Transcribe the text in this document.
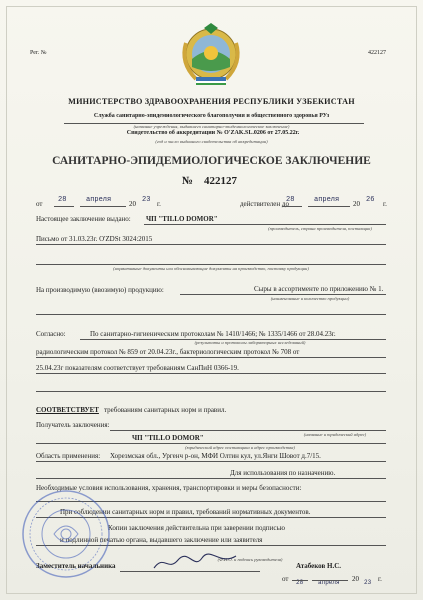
Рег. №	422127
МИНИСТЕРСТВО ЗДРАВООХРАНЕНИЯ РЕСПУБЛИКИ УЗБЕКИСТАН
Служба санитарно-эпидемиологического благополучия и общественного здоровья РУз
(название учреждения, выдавшего санитарно-эпидемиологическое заключение)
Свидетельство об аккредитации № O'ZAK.SL.0206 от 27.05.22г.
(год и число выданного свидетельства об аккредитации)
САНИТАРНО-ЭПИДЕМИОЛОГИЧЕСКОЕ ЗАКЛЮЧЕНИЕ
№ 422127
от 28	апреля	20 23 г.	действителен до
28	апреля 20 26 г.
Настоящее заключение выдано: ЧП "TILLO DOMOR"
(производитель, страна производителя, поставщик)
Письмо от 31.03.23г. O'ZDSt 3024:2015
(нормативные документы или обосновывающие документы на производство, поставку продукции)
На производимую (ввозимую) продукцию:	Сыры в ассортименте по приложению № 1.
(наименование и количество продукции)
Согласно:	По санитарно-гигиеническим протоколам № 1410/1466; № 1335/1466 от 28.04.23г.
(результаты и протоколы лабораторных исследований)
радиологическим протокол № 859 от 20.04.23г., бактериологическим протокол № 708 от
25.04.23г показателям соответствует требованиям СанПиН 0366-19.
СООТВЕТСТВУЕТ требованиям санитарных норм и правил.
Получатель заключения:
(название и юридический адрес)
ЧП "TILLO DOMOR"
(юридический адрес поставщика и адрес производства)
Область применения: Хорезмская обл., Ургенч р-он, МФИ Олтин кул, ул.Янги Шовот д.7/15.
Для использования по назначению.
Необходимые условия использования, хранения, транспортировки и меры безопасности:
При соблюдении санитарных норм и правил, требований нормативных документов.
Копии заключения действительна при заверении подписью
и подлинной печатью органа, выдавшего заключение или заявителя
(Ф.И.О. и подпись руководителя)
Заместитель начальника	Атабеков Н.С.
от 28 апреля 20 23 г.
